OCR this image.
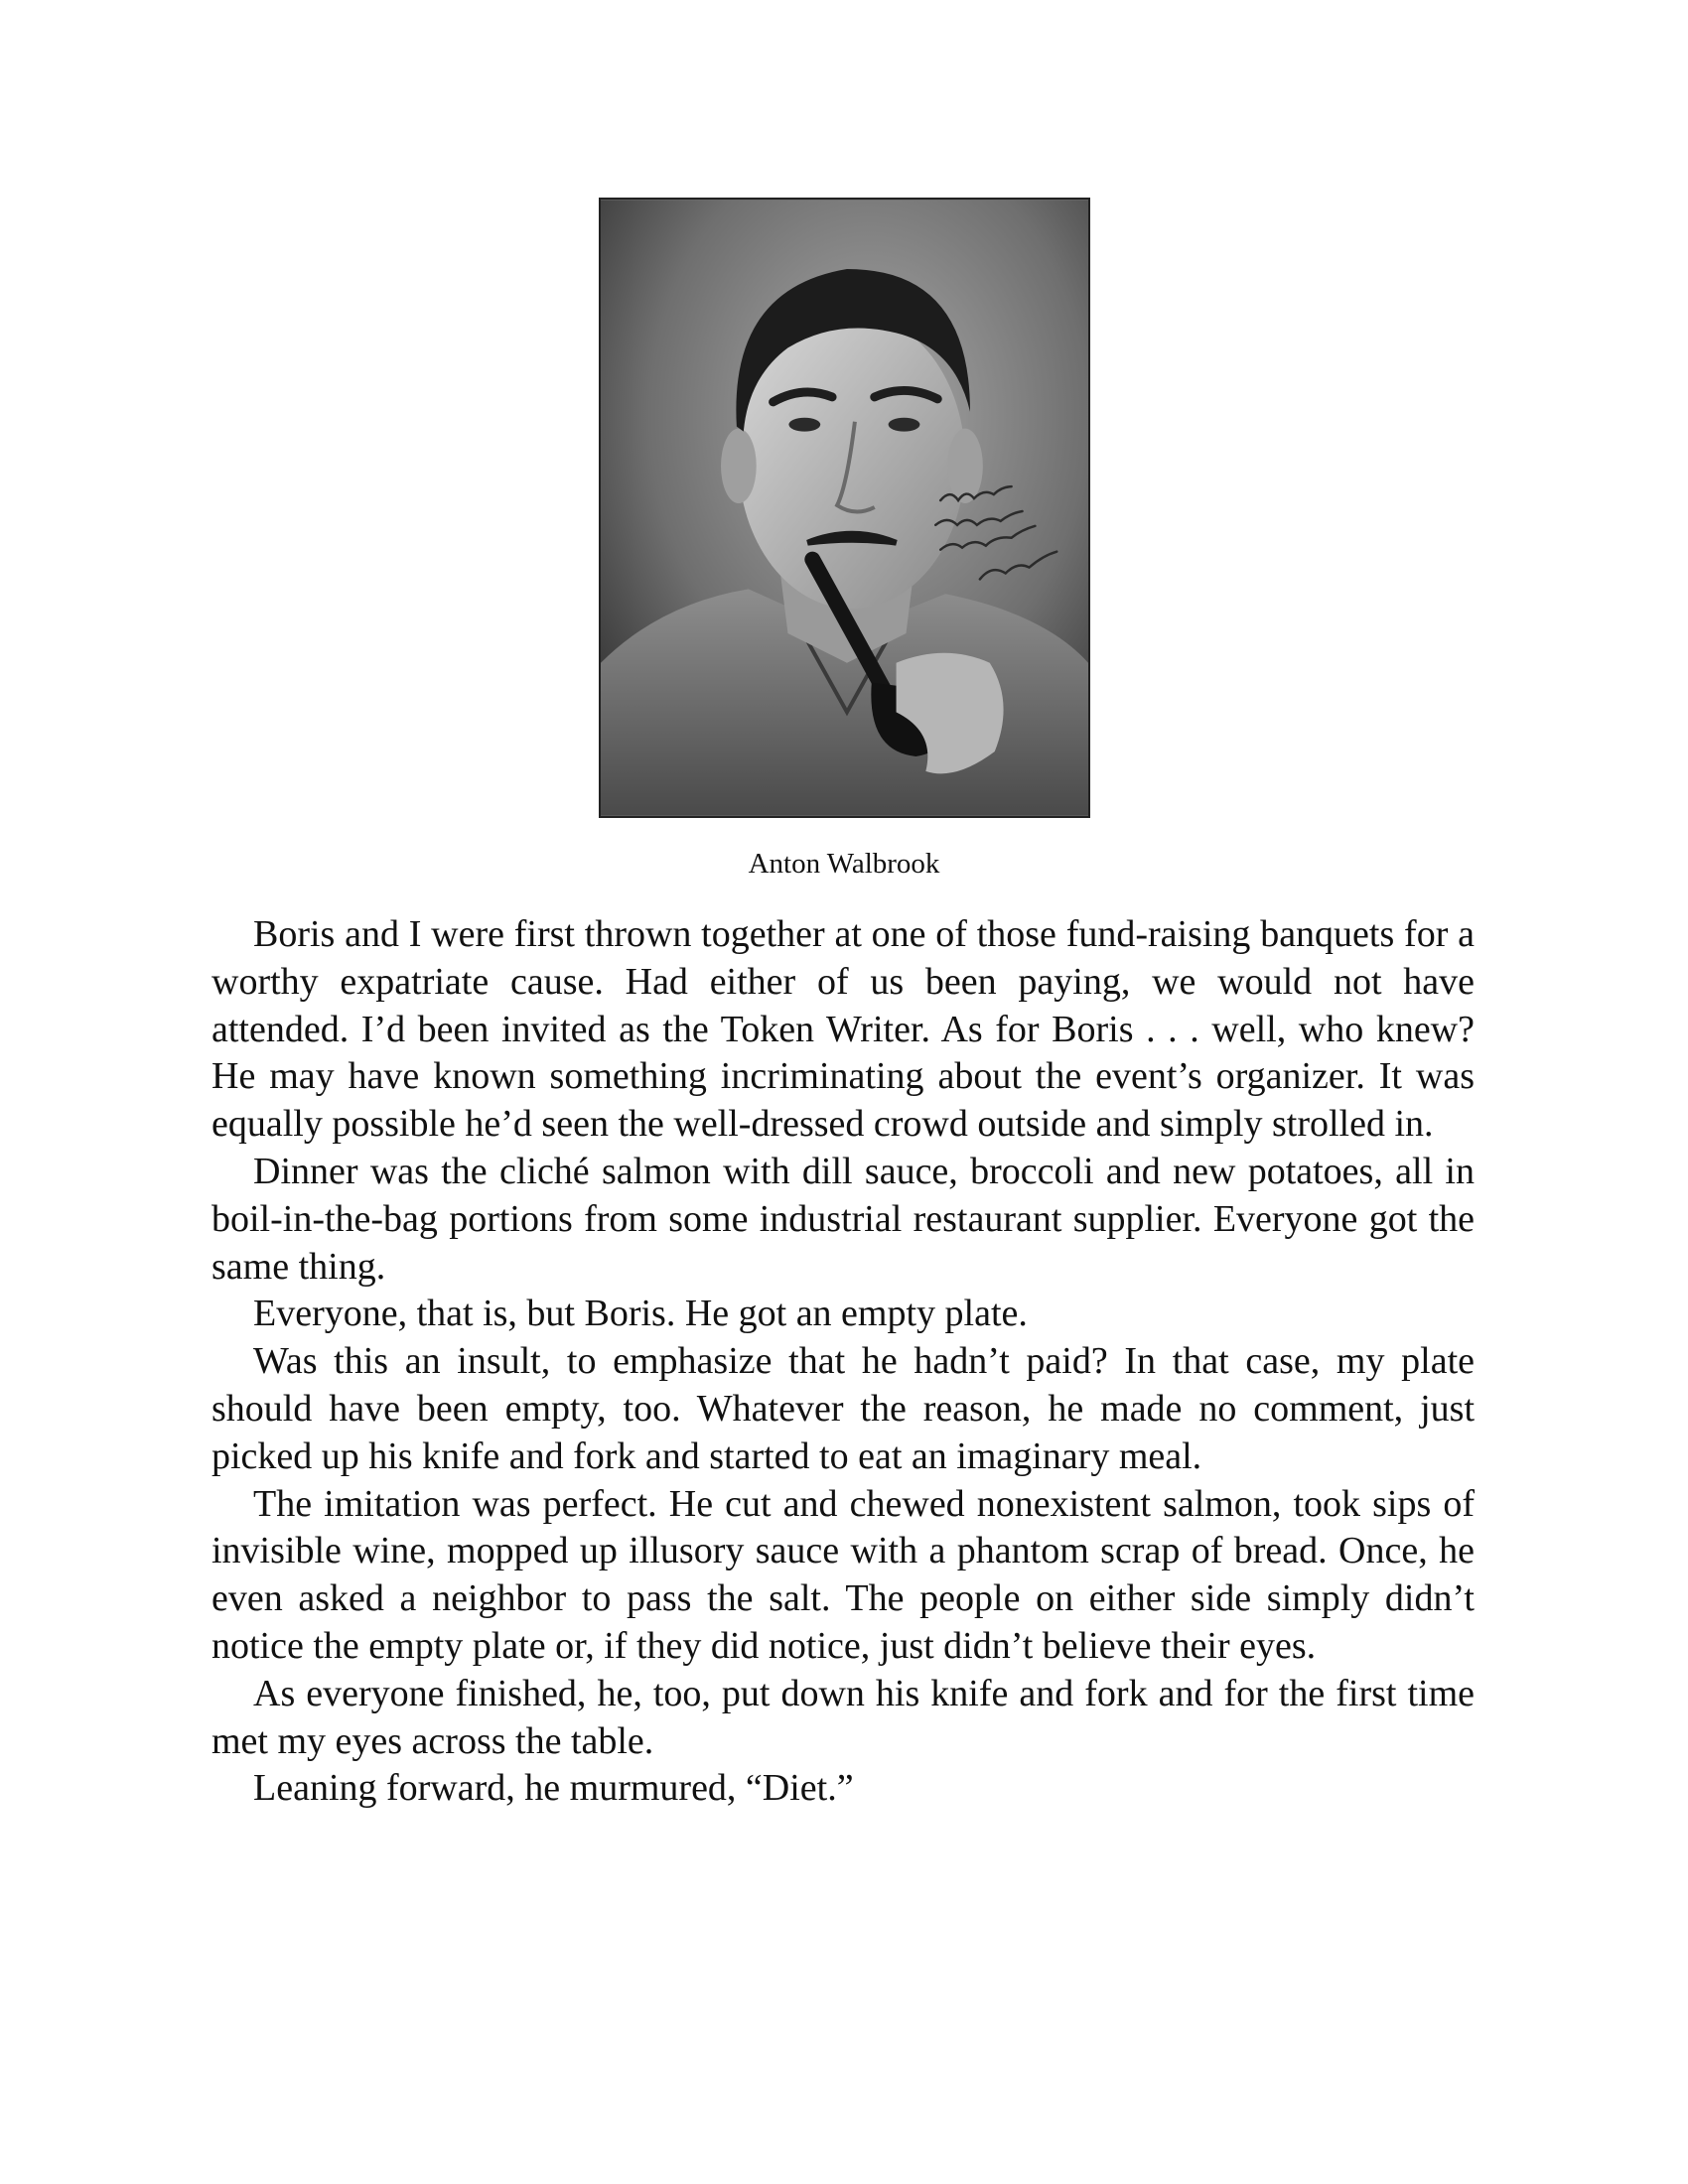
Anton Walbrook

Boris and I were first thrown together at one of those fund-raising banquets for a worthy expatriate cause. Had either of us been paying, we would not have attended. I’d been invited as the Token Writer. As for Boris . . . well, who knew? He may have known something incriminating about the event’s organizer. It was equally possible he’d seen the well-dressed crowd outside and simply strolled in.

Dinner was the cliché salmon with dill sauce, broccoli and new potatoes, all in boil-in-the-bag portions from some industrial restaurant supplier. Everyone got the same thing.

Everyone, that is, but Boris. He got an empty plate.

Was this an insult, to emphasize that he hadn’t paid? In that case, my plate should have been empty, too. Whatever the reason, he made no comment, just picked up his knife and fork and started to eat an imaginary meal.

The imitation was perfect. He cut and chewed nonexistent salmon, took sips of invisible wine, mopped up illusory sauce with a phantom scrap of bread. Once, he even asked a neighbor to pass the salt. The people on either side simply didn’t notice the empty plate or, if they did notice, just didn’t believe their eyes.

As everyone finished, he, too, put down his knife and fork and for the first time met my eyes across the table.

Leaning forward, he murmured, “Diet.”
